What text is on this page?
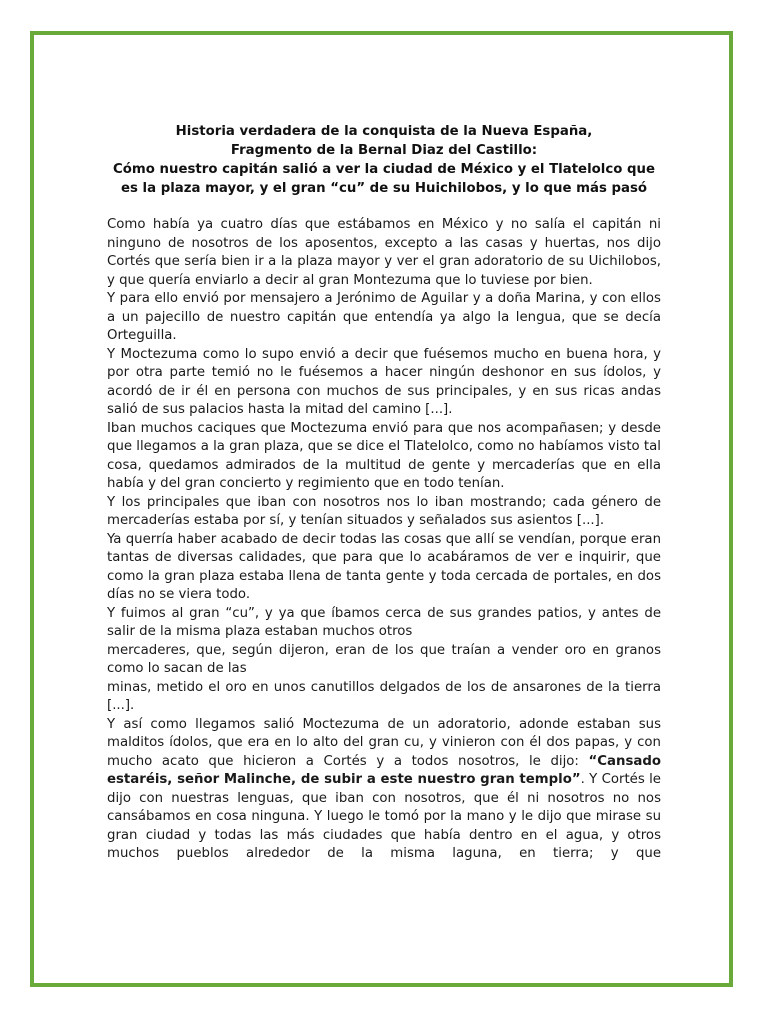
Historia verdadera de la conquista de la Nueva España,
Fragmento de la Bernal Diaz del Castillo:
Cómo nuestro capitán salió a ver la ciudad de México y el Tlatelolco que
es la plaza mayor, y el gran “cu” de su Huichilobos, y lo que más pasó
Como había ya cuatro días que estábamos en México y no salía el capitán ni ninguno de nosotros de los aposentos, excepto a las casas y huertas, nos dijo Cortés que sería bien ir a la plaza mayor y ver el gran adoratorio de su Uichilobos, y que quería enviarlo a decir al gran Montezuma que lo tuviese por bien.
Y para ello envió por mensajero a Jerónimo de Aguilar y a doña Marina, y con ellos a un pajecillo de nuestro capitán que entendía ya algo la lengua, que se decía Orteguilla.
Y Moctezuma como lo supo envió a decir que fuésemos mucho en buena hora, y por otra parte temió no le fuésemos a hacer ningún deshonor en sus ídolos, y acordó de ir él en persona con muchos de sus principales, y en sus ricas andas salió de sus palacios hasta la mitad del camino [...].
Iban muchos caciques que Moctezuma envió para que nos acompañasen; y desde que llegamos a la gran plaza, que se dice el Tlatelolco, como no habíamos visto tal cosa, quedamos admirados de la multitud de gente y mercaderías que en ella había y del gran concierto y regimiento que en todo tenían.
Y los principales que iban con nosotros nos lo iban mostrando; cada género de mercaderías estaba por sí, y tenían situados y señalados sus asientos [...].
Ya querría haber acabado de decir todas las cosas que allí se vendían, porque eran tantas de diversas calidades, que para que lo acabáramos de ver e inquirir, que como la gran plaza estaba llena de tanta gente y toda cercada de portales, en dos días no se viera todo.
Y fuimos al gran “cu”, y ya que íbamos cerca de sus grandes patios, y antes de salir de la misma plaza estaban muchos otros
mercaderes, que, según dijeron, eran de los que traían a vender oro en granos como lo sacan de las
minas, metido el oro en unos canutillos delgados de los de ansarones de la tierra [...].
Y así como llegamos salió Moctezuma de un adoratorio, adonde estaban sus malditos ídolos, que era en lo alto del gran cu, y vinieron con él dos papas, y con mucho acato que hicieron a Cortés y a todos nosotros, le dijo: “Cansado estaréis, señor Malinche, de subir a este nuestro gran templo”. Y Cortés le dijo con nuestras lenguas, que iban con nosotros, que él ni nosotros no nos cansábamos en cosa ninguna. Y luego le tomó por la mano y le dijo que mirase su gran ciudad y todas las más ciudades que había dentro en el agua, y otros muchos pueblos alrededor de la misma laguna, en tierra; y que
